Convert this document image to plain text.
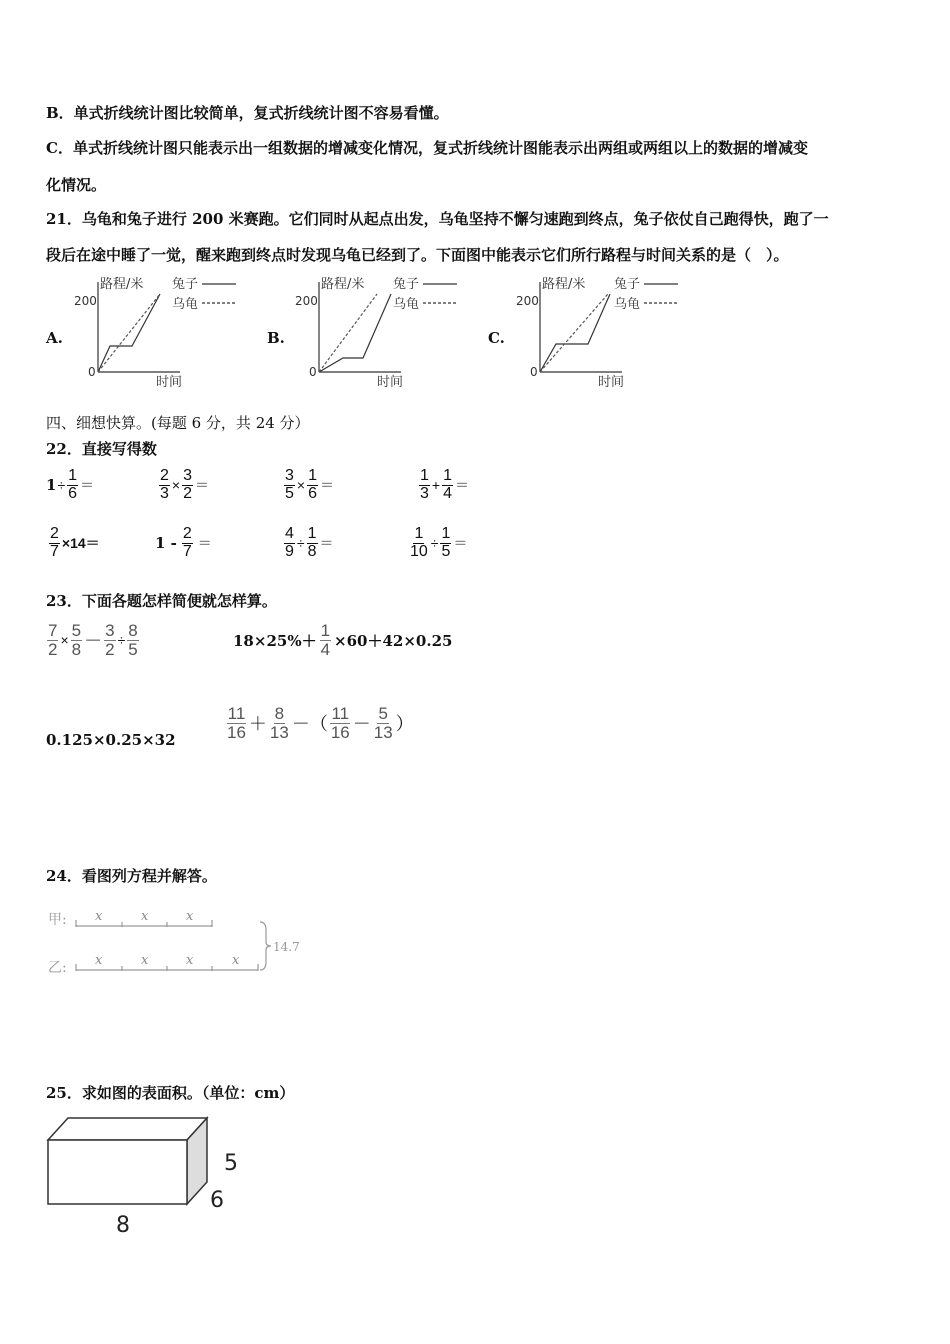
B．单式折线统计图比较简单，复式折线统计图不容易看懂。
C．单式折线统计图只能表示出一组数据的增减变化情况，复式折线统计图能表示出两组或两组以上的数据的增减变
化情况。
21．乌龟和兔子进行 200 米赛跑。它们同时从起点出发，乌龟坚持不懈匀速跑到终点，兔子依仗自己跑得快，跑了一
段后在途中睡了一觉，醒来跑到终点时发现乌龟已经到了。下面图中能表示它们所行路程与时间关系的是（　）。
A.
路程/米 兔子
乌龟
200
0
时间
B.
路程/米 兔子
乌龟
200
0
时间
C.
路程/米 兔子
乌龟
200
0
时间
四、细想快算。(每题 6 分，共 24 分）
22．直接写得数
$1 \div \frac{1}{6}$ ＝	$\frac{2}{3} \times \frac{3}{2}$ ＝	$\frac{3}{5} \times \frac{1}{6}$ ＝	$\frac{1}{3} + \frac{1}{4}$ ＝
$\frac{2}{7} \times 14=$	$1 - \frac{2}{7}$ ＝	$\frac{4}{9} \div \frac{1}{8}$ ＝	$\frac{1}{10} \div \frac{1}{5}$ ＝
23．下面各题怎样简便就怎样算。
$\frac{7}{2} \times \frac{5}{8} - \frac{3}{2} \div \frac{8}{5}$	$18\times 25\%+ \frac{1}{4} \times 60+42\times 0.25$
0.125×0.25×32	$\frac{11}{16} + \frac{8}{13}$ －（ $\frac{11}{16} - \frac{5}{13}$ ）
24．看图列方程并解答。
甲:
乙:
x	x	x
x	x	x	x
14.7
25．求如图的表面积。（单位：cm）
5
6
8
